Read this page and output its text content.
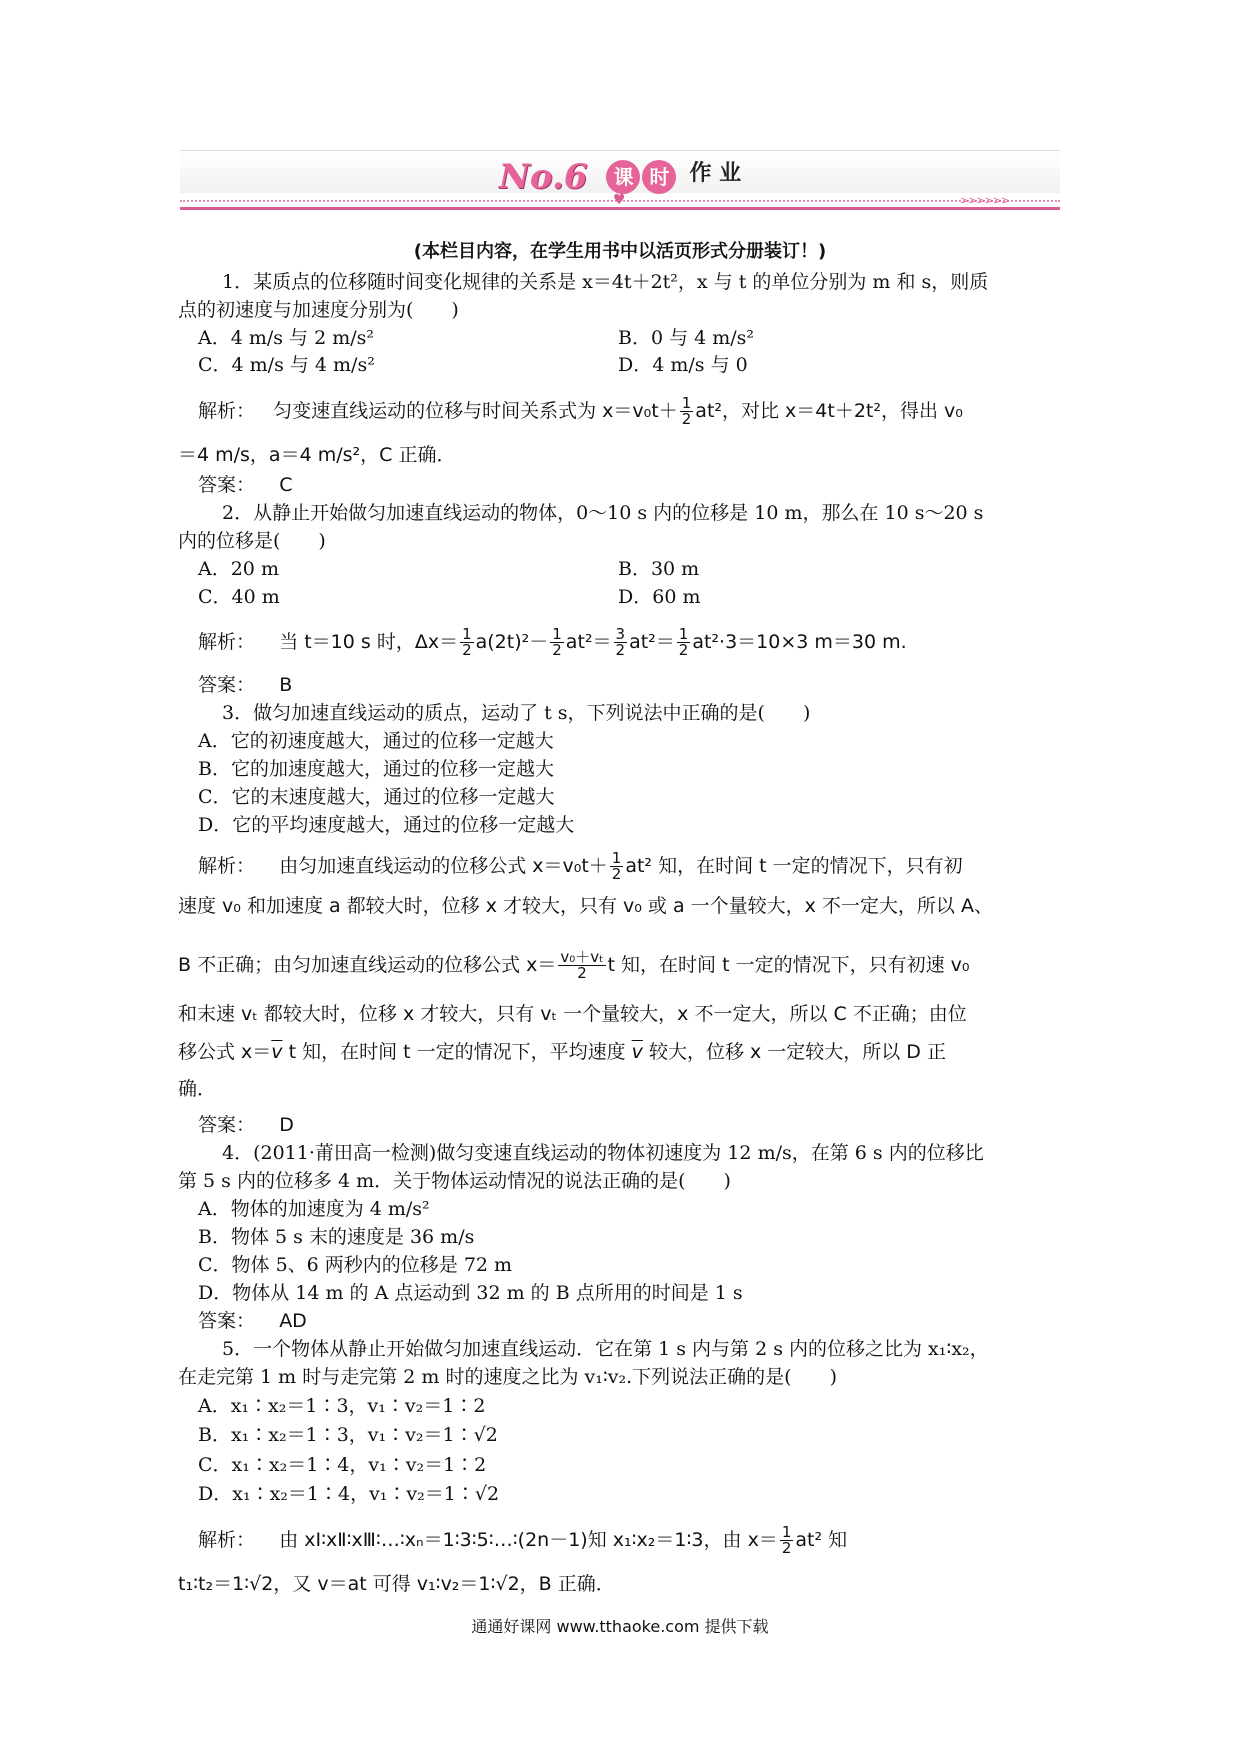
No.6 课 时 作 业
♥	>>>>>>
(本栏目内容，在学生用书中以活页形式分册装订！)
1．某质点的位移随时间变化规律的关系是 x＝4t＋2t²，x 与 t 的单位分别为 m 和 s，则质
点的初速度与加速度分别为(　　)
A．4 m/s 与 2 m/s²	B．0 与 4 m/s²
C．4 m/s 与 4 m/s²	D．4 m/s 与 0
解析： 匀变速直线运动的位移与时间关系式为 $x=v_0t+ \frac{1}{2} at^2$，对比 x＝4t＋2t²，得出 v₀
＝4 m/s，a＝4 m/s²，C 正确．
答案： C
2．从静止开始做匀加速直线运动的物体，0～10 s 内的位移是 10 m，那么在 10 s～20 s
内的位移是(　　)
A．20 m	B．30 m
C．40 m	D．60 m
解析： 当 t＝10 s 时，$\Delta x= \frac{1}{2} a(2t)^2- \frac{1}{2} at^2= \frac{3}{2} at^2= \frac{1}{2} at^2\cdot 3=10\times 3$ m＝30 m.
答案： B
3．做匀加速直线运动的质点，运动了 t s，下列说法中正确的是(　　)
A．它的初速度越大，通过的位移一定越大
B．它的加速度越大，通过的位移一定越大
C．它的末速度越大，通过的位移一定越大
D．它的平均速度越大，通过的位移一定越大
解析： 由匀加速直线运动的位移公式 $x=v_0t+ \frac{1}{2} at^2$ 知，在时间 t 一定的情况下，只有初
速度 v₀ 和加速度 a 都较大时，位移 x 才较大，只有 v₀ 或 a 一个量较大，x 不一定大，所以 A、
B 不正确；由匀加速直线运动的位移公式 $x= \frac{\text{v₀＋vₜ}}{2}$ t 知，在时间 t 一定的情况下，只有初速 v₀
和末速 vₜ 都较大时，位移 x 才较大，只有 vₜ 一个量较大，x 不一定大，所以 C 不正确；由位
移公式 $x=\overline{v}$ t 知，在时间 t 一定的情况下，平均速度 $\overline{v}$ 较大，位移 x 一定较大，所以 D 正
确．
答案： D
4．(2011·莆田高一检测)做匀变速直线运动的物体初速度为 12 m/s，在第 6 s 内的位移比
第 5 s 内的位移多 4 m．关于物体运动情况的说法正确的是(　　)
A．物体的加速度为 4 m/s²
B．物体 5 s 末的速度是 36 m/s
C．物体 5、6 两秒内的位移是 72 m
D．物体从 14 m 的 A 点运动到 32 m 的 B 点所用的时间是 1 s
答案： AD
5．一个物体从静止开始做匀加速直线运动．它在第 1 s 内与第 2 s 内的位移之比为 x₁∶x₂，
在走完第 1 m 时与走完第 2 m 时的速度之比为 v₁∶v₂.下列说法正确的是(　　)
A．x₁∶x₂＝1∶3，v₁∶v₂＝1∶2
B．x₁∶x₂＝1∶3，v₁∶v₂＝1∶√2
C．x₁∶x₂＝1∶4，v₁∶v₂＝1∶2
D．x₁∶x₂＝1∶4，v₁∶v₂＝1∶√2
解析： 由 xⅠ∶xⅡ∶xⅢ∶…∶xₙ＝1∶3∶5∶…∶(2n－1)知 x₁∶x₂＝1∶3，由 $x= \frac{1}{2} at^2$ 知
t₁∶t₂＝1∶√2，又 v＝at 可得 v₁∶v₂＝1∶√2，B 正确．
通通好课网 www.tthaoke.com 提供下载
